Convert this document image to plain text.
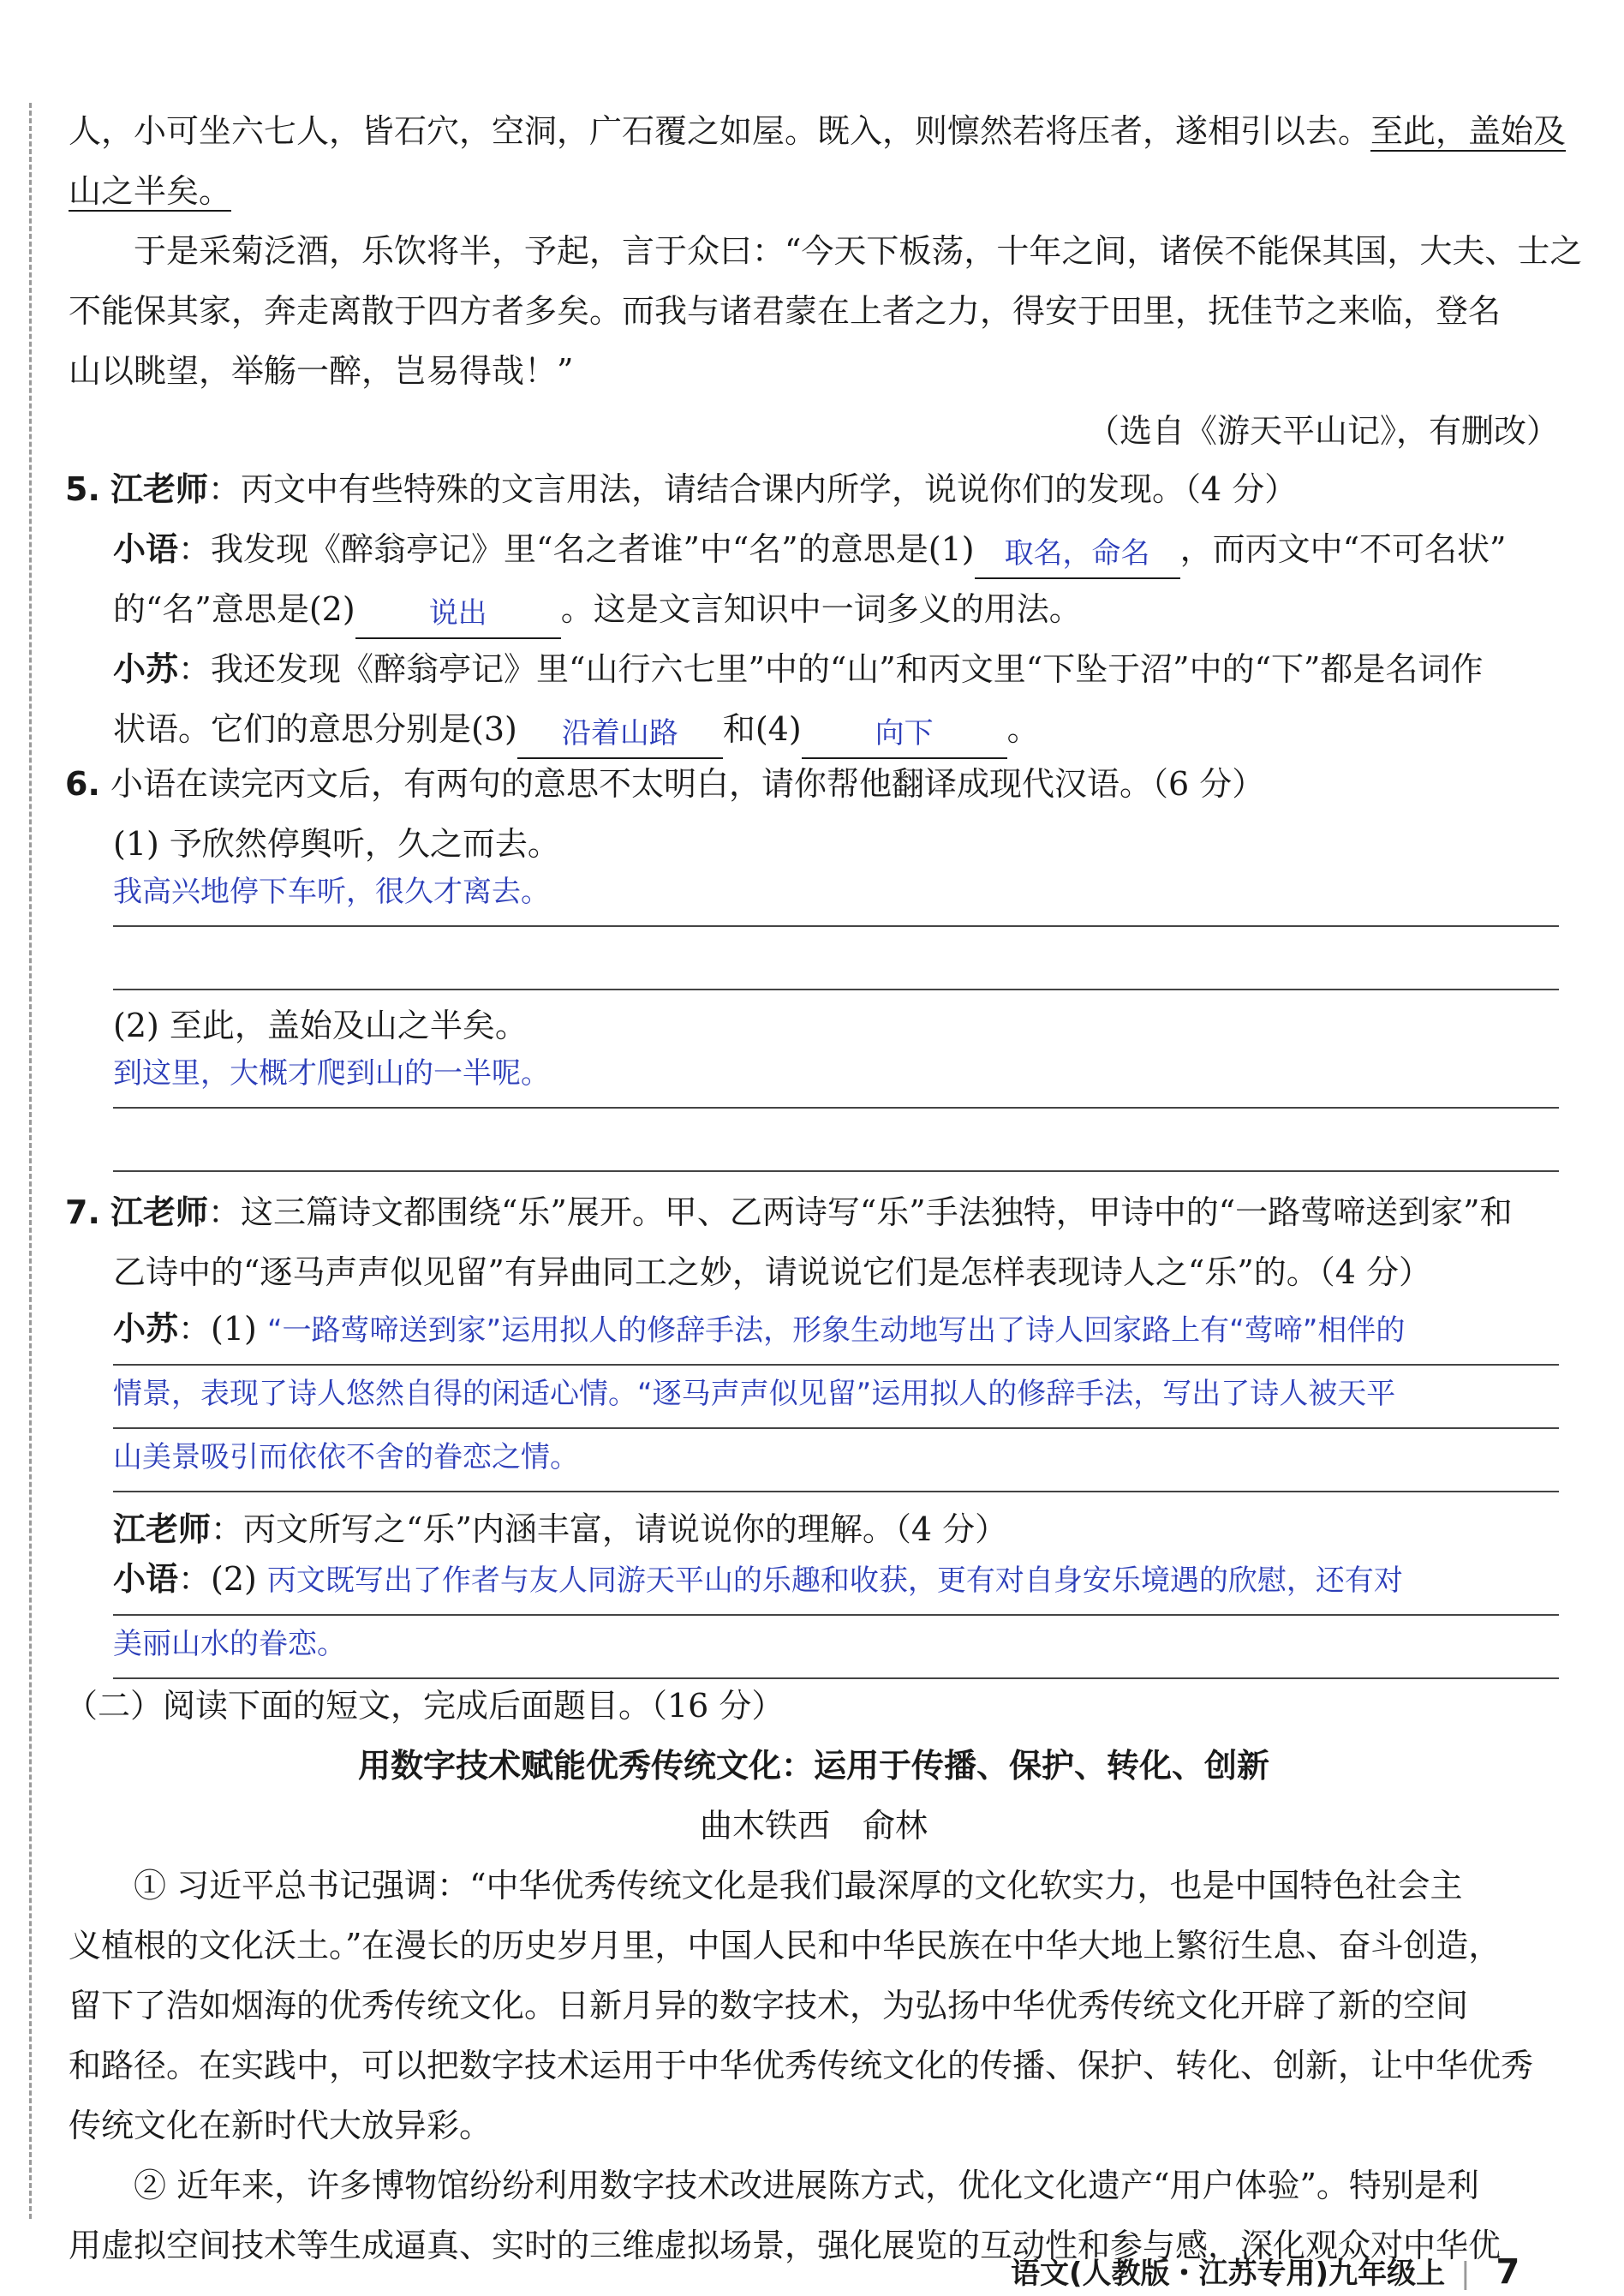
人，小可坐六七人，皆石穴，空洞，广石覆之如屋。既入，则懔然若将压者，遂相引以去。至此，盖始及
山之半矣。
于是采菊泛酒，乐饮将半，予起，言于众曰：“今天下板荡，十年之间，诸侯不能保其国，大夫、士之
不能保其家，奔走离散于四方者多矣。而我与诸君蒙在上者之力，得安于田里，抚佳节之来临，登名
山以眺望，举觞一醉，岂易得哉！”
（选自《游天平山记》，有删改）
5. 江老师：丙文中有些特殊的文言用法，请结合课内所学，说说你们的发现。（4 分）
小语：我发现《醉翁亭记》里“名之者谁”中“名”的意思是(1) 取名，命名 ，而丙文中“不可名状”
的“名”意思是(2)	说出 。这是文言知识中一词多义的用法。
小苏：我还发现《醉翁亭记》里“山行六七里”中的“山”和丙文里“下坠于沼”中的“下”都是名词作
状语。它们的意思分别是(3) 沿着山路 和(4)	向下 。
6. 小语在读完丙文后，有两句的意思不太明白，请你帮他翻译成现代汉语。（6 分）
(1) 予欣然停舆听，久之而去。
我高兴地停下车听，很久才离去。
(2) 至此，盖始及山之半矣。
到这里，大概才爬到山的一半呢。
7. 江老师：这三篇诗文都围绕“乐”展开。甲、乙两诗写“乐”手法独特，甲诗中的“一路莺啼送到家”和
乙诗中的“逐马声声似见留”有异曲同工之妙，请说说它们是怎样表现诗人之“乐”的。（4 分）
小苏：(1) “一路莺啼送到家”运用拟人的修辞手法，形象生动地写出了诗人回家路上有“莺啼”相伴的
情景，表现了诗人悠然自得的闲适心情。“逐马声声似见留”运用拟人的修辞手法，写出了诗人被天平
山美景吸引而依依不舍的眷恋之情。
江老师：丙文所写之“乐”内涵丰富，请说说你的理解。（4 分）
小语：(2) 丙文既写出了作者与友人同游天平山的乐趣和收获，更有对自身安乐境遇的欣慰，还有对
美丽山水的眷恋。
（二）阅读下面的短文，完成后面题目。（16 分）
用数字技术赋能优秀传统文化：运用于传播、保护、转化、创新
曲木铁西　俞林
① 习近平总书记强调：“中华优秀传统文化是我们最深厚的文化软实力，也是中国特色社会主
义植根的文化沃土。”在漫长的历史岁月里，中国人民和中华民族在中华大地上繁衍生息、奋斗创造，
留下了浩如烟海的优秀传统文化。日新月异的数字技术，为弘扬中华优秀传统文化开辟了新的空间
和路径。在实践中，可以把数字技术运用于中华优秀传统文化的传播、保护、转化、创新，让中华优秀
传统文化在新时代大放异彩。
② 近年来，许多博物馆纷纷利用数字技术改进展陈方式，优化文化遗产“用户体验”。特别是利
用虚拟空间技术等生成逼真、实时的三维虚拟场景，强化展览的互动性和参与感，深化观众对中华优
语文(人教版・江苏专用)九年级上 | 7
